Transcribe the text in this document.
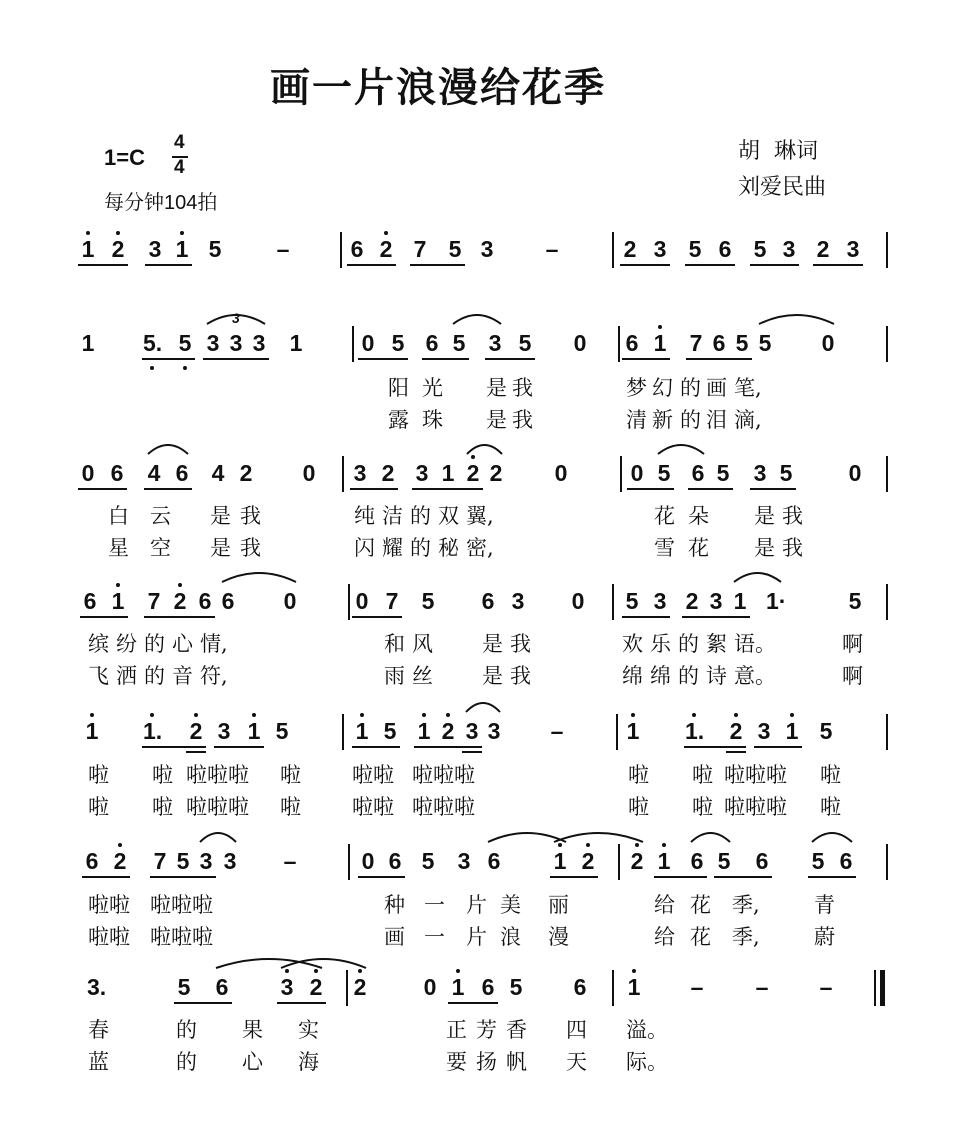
画一片浪漫给花季
1=C
4
4
每分钟104拍
胡  琳词
刘爱民曲
1 2 3 1 5 –	6 2 7 5 3 –	2 3 5 6 5 3 2 3
1 5. 5 3 3 3 1	0 5 6 5 3 5 0 6 1 7 6 5 5 0
阳 光 是 我	梦 幻 的 画 笔,
露 珠 是 我	清 新 的 泪 滴,
0 6 4 6 4 2 0 3 2 3 1 2 2 0	0 5 6 5 3 5 0
白 云 是 我	纯 洁 的 双 翼,	花 朵 是 我
星 空 是 我	闪 耀 的 秘 密,	雪 花 是 我
6 1 7 2 6 6 0	0 7 5 6 3 0 5 3 2 3 1 1·	5
缤 纷 的 心 情,	和 风 是 我	欢 乐 的 絮 语。	啊
飞 洒 的 音 符,	雨 丝 是 我	绵 绵 的 诗 意。	啊
1 1. 2 3 1 5	1 5 1 2 3 3 –	1 1. 2 3 1 5
啦 啦 啦啦啦 啦 啦啦 啦啦啦	啦 啦 啦啦啦 啦
啦 啦 啦啦啦 啦 啦啦 啦啦啦	啦 啦 啦啦啦 啦
6 2 7 5 3 3 –	0 6 5 3 6 1 2 2 1 6 5 6 5 6
啦啦 啦啦啦	种 一 片 美 丽	给 花 季,	青
啦啦 啦啦啦	画 一 片 浪 漫	给 花 季,	蔚
3.	5 6 3 2 2 0 1 6 5 6 1 – – –
春	的 果 实	正 芳 香 四 溢。
蓝	的 心 海	要 扬 帆 天 际。
3
